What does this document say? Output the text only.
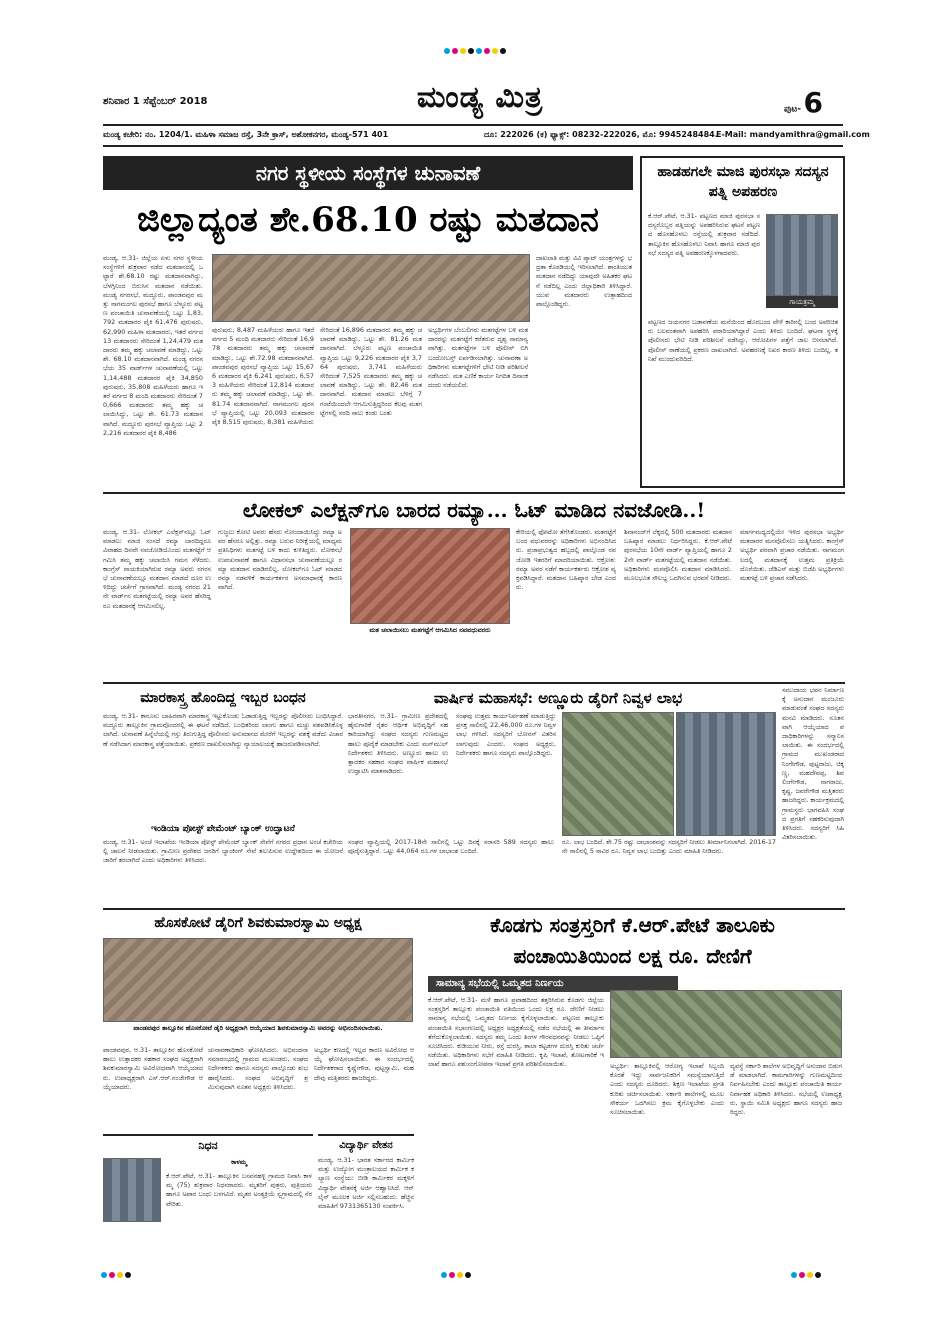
ಶನಿವಾರ 1 ಸೆಪ್ಟೆಂಬರ್ 2018	ಮಂಡ್ಯ ಮಿತ್ರ	ಪುಟ- 6
ಮಂಡ್ಯ ಕಚೇರಿ: ನಂ. 1204/1. ಮಹಿಳಾ ಸಮಾಜ ರಸ್ತೆ, 3ನೇ ಕ್ರಾಸ್, ಅಶೋಕನಗರ, ಮಂಡ್ಯ-571 401	ದೂ: 222026 (ಕ) ಫ್ಯಾಕ್ಸ್: 08232-222026, ಮೊ: 9945248484.
E-Mail: mandyamithra@gmail.com
ನಗರ ಸ್ಥಳೀಯ ಸಂಸ್ಥೆಗಳ ಚುನಾವಣೆ
ಜಿಲ್ಲಾದ್ಯಂತ ಶೇ.68.10 ರಷ್ಟು ಮತದಾನ
ಮಂಡ್ಯ, ಆ.31- ಜಿಲ್ಲೆಯ ಏಳು ನಗರ ಸ್ಥಳೀಯ ಸಂಸ್ಥೆಗಳಿಗೆ ಶುಕ್ರವಾರ ನಡೆದ ಮತದಾನದಲ್ಲಿ ಒಟ್ಟಾರೆ ಶೇ.68.10 ರಷ್ಟು ಮತದಾನವಾಗಿದ್ದು, ಬೆಳಗ್ಗಿನಿಂದ ಬಿರುಸಿನ ಮತದಾನ ನಡೆಯಿತು. ಮಂಡ್ಯ ನಗರಸಭೆ, ಮದ್ದೂರು, ಪಾಂಡವಪುರ ಮತ್ತು ನಾಗಮಂಗಲ ಪುರಸಭೆ ಹಾಗೂ ಬೆಳ್ಳೂರು ಪಟ್ಟಣ ಪಂಚಾಯಿತಿ ಚುನಾವಣೆಯಲ್ಲಿ ಒಟ್ಟು 1,83,792 ಮತದಾರರ ಪೈಕಿ 61,476 ಪುರುಷರು, 62,990 ಮಹಿಳಾ ಮತದಾರರು, ಇತರೆ ವರ್ಗದ 13 ಮತದಾರರು ಸೇರಿದಂತೆ 1,24,479 ಮತದಾರರು ತಮ್ಮ ಹಕ್ಕು ಚಲಾವಣೆ ಮಾಡಿದ್ದು, ಒಟ್ಟು ಶೇ. 68.10 ಮತದಾನವಾಗಿದೆ. ಮಂಡ್ಯ ನಗರಸಭೆಯ 35 ವಾರ್ಡ್‌ಗಳ ಚುನಾವಣೆಯಲ್ಲಿ ಒಟ್ಟು 1,14,488 ಮತದಾರರ ಪೈಕಿ 34,850 ಪುರುಷರು, 35,808 ಮಹಿಳೆಯರು ಹಾಗೂ ಇತರೆ ವರ್ಗದ 8 ಮಂದಿ ಮತದಾರರು ಸೇರಿದಂತೆ 70,666 ಮತದಾರರು ತಮ್ಮ ಹಕ್ಕು ಚಲಾಯಿಸಿದ್ದು, ಒಟ್ಟು ಶೇ. 61.73 ಮತದಾನವಾಗಿದೆ. ಮದ್ದೂರು ಪುರಸಭೆ ವ್ಯಾಪ್ತಿಯ ಒಟ್ಟು 22,216 ಮತದಾರರ ಪೈಕಿ 8,486
ಪುರುಷರು, 8,487 ಮಹಿಳೆಯರು ಹಾಗೂ ಇತರೆ ವರ್ಗದ 5 ಮಂದಿ ಮತದಾರರು ಸೇರಿದಂತೆ 16,978 ಮತದಾರರು ತಮ್ಮ ಹಕ್ಕು ಚಲಾವಣೆ ಮಾಡಿದ್ದು, ಒಟ್ಟು ಶೇ.72.98 ಮತದಾನವಾಗಿದೆ. ಪಾಂಡವಪುರ ಪುರಸಭೆ ವ್ಯಾಪ್ತಿಯ ಒಟ್ಟು 15,676 ಮತದಾರರ ಪೈಕಿ 6,241 ಪುರುಷರು, 6,573 ಮಹಿಳೆಯರು ಸೇರಿದಂತೆ 12,814 ಮತದಾರರು ತಮ್ಮ ಹಕ್ಕು ಚಲಾವಣೆ ಮಾಡಿದ್ದು, ಒಟ್ಟು ಶೇ. 81.74 ಮತದಾನವಾಗಿದೆ. ನಾಗಮಂಗಲ ಪುರಸಭೆ ವ್ಯಾಪ್ತಿಯಲ್ಲಿ ಒಟ್ಟು 20,093 ಮತದಾರರ ಪೈಕಿ 8,515 ಪುರುಷರು, 8,381 ಮಹಿಳೆಯರು
ಸೇರಿದಂತೆ 16,896 ಮತದಾರರು ತಮ್ಮ ಹಕ್ಕು ಚಲಾವಣೆ ಮಾಡಿದ್ದು, ಒಟ್ಟು ಶೇ. 81.26 ಮತದಾನವಾಗಿದೆ. ಬೆಳ್ಳೂರು ಪಟ್ಟಣ ಪಂಚಾಯಿತಿ ವ್ಯಾಪ್ತಿಯ ಒಟ್ಟು 9,226 ಮತದಾರರ ಪೈಕಿ 3,764 ಪುರುಷರು, 3,741 ಮಹಿಳೆಯರು ಸೇರಿದಂತೆ 7,525 ಮತದಾರರು ತಮ್ಮ ಹಕ್ಕು ಚಲಾವಣೆ ಮಾಡಿದ್ದು, ಒಟ್ಟು ಶೇ. 82.46 ಮತದಾನವಾಗಿದೆ. ಮತದಾನ ಮಾಡಲು ಬೆಳಿಗ್ಗೆ 7 ಗಂಟೆಯಿಂದಲೇ ಆಗಮಿಸುತ್ತಿದ್ದರಿಂದ ಕೆಲವು ಮತಗಟ್ಟೆಗಳಲ್ಲಿ ಸರದಿ ಸಾಲು ಕಂಡು ಬಂತು
ಅಭ್ಯರ್ಥಿಗಳ ಬೆಂಬಲಿಗರು ಮತಗಟ್ಟೆಗಳ ಬಳಿ ಮತದಾರರನ್ನು ಮತಗಟ್ಟೆಗೆ ಕರೆತರುವ ದೃಶ್ಯ ಸಾಮಾನ್ಯವಾಗಿತ್ತು. ಮತಗಟ್ಟೆಗಳ ಬಳಿ ಪೊಲೀಸ್ ಬಿಗಿ ಬಂದೋಬಸ್ತ್ ಏರ್ಪಡಿಸಲಾಗಿತ್ತು. ಚುನಾವಣಾ ಅಧಿಕಾರಿಗಳು ಮತಗಟ್ಟೆಗಳಿಗೆ ಭೇಟಿ ನೀಡಿ ಪರಿಶೀಲನೆ ನಡೆಸಿದರು. ಮತ ಎಣಿಕೆ ಕಾರ್ಯ ನಿಗದಿತ ದಿನಾಂಕದಂದು ನಡೆಯಲಿದೆ.
ದಾಖಲಾತಿ ಮತ್ತು ವಿವಿ ಪ್ಯಾಟ್ ಯಂತ್ರಗಳನ್ನು ಭದ್ರತಾ ಕೊಠಡಿಯಲ್ಲಿ ಇರಿಸಲಾಗಿದೆ. ಶಾಂತಿಯುತ ಮತದಾನ ನಡೆದಿದ್ದು ಯಾವುದೇ ಅಹಿತಕರ ಘಟನೆ ನಡೆದಿಲ್ಲ ಎಂದು ಜಿಲ್ಲಾಧಿಕಾರಿ ತಿಳಿಸಿದ್ದಾರೆ. ಯುವ ಮತದಾರರು ಉತ್ಸಾಹದಿಂದ ಪಾಲ್ಗೊಂಡಿದ್ದರು.
ಹಾಡಹಗಲೇ ಮಾಜಿ ಪುರಸಭಾ ಸದಸ್ಯನ ಪತ್ನಿ ಅಪಹರಣ
ಕೆ.ಆರ್.ಪೇಟೆ, ಆ.31- ಪಟ್ಟಣದ ಮಾಜಿ ಪುರಸಭಾ ಸದಸ್ಯರೊಬ್ಬರ ಪತ್ನಿಯನ್ನು ಅಪಹರಿಸಿರುವ ಘಟನೆ ಪಟ್ಟಣದ ಹೊಸಹೊಳಲು ರಸ್ತೆಯಲ್ಲಿ ಶುಕ್ರವಾರ ನಡೆದಿದೆ. ತಾಲ್ಲೂಕಿನ ಹೊಸಹೊಳಲು ನಿವಾಸಿ ಹಾಗೂ ಮಾಜಿ ಪುರಸಭೆ ಸದಸ್ಯರ ಪತ್ನಿ ಅಪಹರಣಕ್ಕೊಳಗಾದವರು.
ಗಾಯತ್ರಮ್ಮ
ಪಟ್ಟಣದ ಜಯನಗರ ಬಡಾವಣೆಯ ಮನೆಯಿಂದ ಹೊರಬಂದ ವೇಳೆ ಕಾರಿನಲ್ಲಿ ಬಂದ ಅಪರಿಚಿತರು ಬಲವಂತವಾಗಿ ಅಪಹರಿಸಿ ಪರಾರಿಯಾಗಿದ್ದಾರೆ ಎಂದು ತಿಳಿದು ಬಂದಿದೆ. ಘಟನಾ ಸ್ಥಳಕ್ಕೆ ಪೊಲೀಸರು ಭೇಟಿ ನೀಡಿ ಪರಿಶೀಲನೆ ನಡೆಸಿದ್ದು, ಆರೋಪಿಗಳ ಪತ್ತೆಗೆ ಜಾಲ ಬೀಸಲಾಗಿದೆ. ಪೊಲೀಸ್ ಠಾಣೆಯಲ್ಲಿ ಪ್ರಕರಣ ದಾಖಲಾಗಿದೆ. ಅಪಹರಣಕ್ಕೆ ನಿಖರ ಕಾರಣ ತಿಳಿದು ಬಂದಿಲ್ಲ. ತನಿಖೆ ಮುಂದುವರಿದಿದೆ.
ಲೋಕಲ್ ಎಲೆಕ್ಷನ್‌ಗೂ ಬಾರದ ರಮ್ಯಾ... ಓಟ್ ಮಾಡಿದ ನವಜೋಡಿ..!
ಮಂಡ್ಯ, ಆ.31- ಲೋಕಲ್ ಎಲೆಕ್ಷನ್‌ನಲ್ಲೂ ಓಟ್ ಮಾಡಲು ಮಾಜಿ ಸಂಸದೆ ರಮ್ಯಾ ಬಾರದಿದ್ದರೂ ವಿವಾಹದ ದಿನವೇ ನವಜೋಡಿಯೊಂದು ಮತಗಟ್ಟೆಗೆ ಆಗಮಿಸಿ ತಮ್ಮ ಹಕ್ಕು ಚಲಾಯಿಸಿ ಗಮನ ಸೆಳೆದರು. ಕಾಂಗ್ರೆಸ್ ನಾಯಕಿಯಾಗಿರುವ ರಮ್ಯಾ ಅವರು ನಗರಸಭೆ ಚುನಾವಣೆಯಲ್ಲೂ ಮತದಾನ ಮಾಡದೆ ದೂರ ಉಳಿದಿದ್ದು ಚರ್ಚೆಗೆ ಗ್ರಾಸವಾಗಿದೆ. ಮಂಡ್ಯ ನಗರದ 21ನೇ ವಾರ್ಡ್‌ನ ಮತಗಟ್ಟೆಯಲ್ಲಿ ರಮ್ಯಾ ಅವರ ಹೆಸರಿದ್ದರೂ ಮತದಾನಕ್ಕೆ ಆಗಮಿಸಲಿಲ್ಲ.
ಗುಜ್ಜಲು ಕೋಟಿ ಅವರು ಹೆಸರು ನೋಂದಾಯಿಸಿದ್ದು ರಮ್ಯಾ ಅವರ ಹೆಸರೂ ಅಲ್ಲಿತ್ತು. ರಮ್ಯಾ ಬರುವ ನಿರೀಕ್ಷೆಯಲ್ಲಿ ಮಾಧ್ಯಮ ಪ್ರತಿನಿಧಿಗಳು ಮತಗಟ್ಟೆ ಬಳಿ ಕಾದು ಕುಳಿತಿದ್ದರು. ಲೋಕಸಭೆ ಉಪಚುನಾವಣೆ ಹಾಗೂ ವಿಧಾನಸಭಾ ಚುನಾವಣೆಯಲ್ಲೂ ರಮ್ಯಾ ಮತದಾನ ಮಾಡಿರಲಿಲ್ಲ. ಲೋಕಲ್‌ಗೂ ಓಟ್ ಮಾಡದ ರಮ್ಯಾ ನಡವಳಿಕೆ ಕಾರ್ಯಕರ್ತರ ಅಸಮಾಧಾನಕ್ಕೆ ಕಾರಣವಾಗಿದೆ.
ಮತ ಚಲಾಯಿಸಲು ಮತಗಟ್ಟೆಗೆ ಆಗಮಿಸಿದ ನವವಧುವರರು
ಕೇರಿಯಲ್ಲಿ ಫೋಟೋ ತೆಗೆಸಿಕೊಂಡರು. ಮತಗಟ್ಟೆಗೆ ಬಂದ ವಧುವರರನ್ನು ಅಧಿಕಾರಿಗಳು ಅಭಿನಂದಿಸಿದರು. ಪ್ರಜಾಪ್ರಭುತ್ವದ ಹಬ್ಬದಲ್ಲಿ ಪಾಲ್ಗೊಂಡ ನವಜೋಡಿ ಇತರರಿಗೆ ಮಾದರಿಯಾಯಿತು. ಆಕ್ರೋಶ: ರಮ್ಯಾ ಅವರ ನಡೆಗೆ ಕಾರ್ಯಕರ್ತರು ಆಕ್ರೋಶ ವ್ಯಕ್ತಪಡಿಸಿದ್ದಾರೆ. ಮತದಾನ ಬಹಿಷ್ಕಾರ ಬೇಡ ಎಂದರು.
ಶಿವಾನಂದ್‌ಗೆ ಲೆಕ್ಕದಲ್ಲಿ 500 ಮತದಾರರು ಮತದಾನ ಬಹಿಷ್ಕಾರ ಮಾಡಲು ನಿರ್ಧರಿಸಿದ್ದರು. ಕೆ.ಆರ್.ಪೇಟೆ ಪುರಸಭೆಯ 10ನೇ ವಾರ್ಡ್ ವ್ಯಾಪ್ತಿಯಲ್ಲಿ ಹಾಗೂ 22ನೇ ವಾರ್ಡ್ ಮತಗಟ್ಟೆಯಲ್ಲಿ ಮತದಾನ ನಡೆಯಿತು. ಅಧಿಕಾರಿಗಳು ಮನವೊಲಿಸಿ ಮತದಾನ ಮಾಡಿಸಿದರು. ಮೂಲಭೂತ ಸೌಲಭ್ಯ ಒದಗಿಸುವ ಭರವಸೆ ನೀಡಿದರು.
ಮಾರ್ಗಮಧ್ಯದಲ್ಲಿಯೇ ಇಳಿದ ಪುರಸಭಾ ಅಭ್ಯರ್ಥಿ ಮತದಾರರ ಮನವೊಲಿಸಲು ಯತ್ನಿಸಿದರು. ಕಾಂಗ್ರೆಸ್ ಅಭ್ಯರ್ಥಿ ಪರವಾಗಿ ಪ್ರಚಾರ ನಡೆಯಿತು. ನಾಗಮಂಗಲದಲ್ಲಿ ಮತದಾನಕ್ಕೆ ಉತ್ತಮ ಪ್ರತಿಕ್ರಿಯೆ ದೊರೆಯಿತು. ಜೆಡಿಎಸ್ ಮತ್ತು ಬಿಜೆಪಿ ಅಭ್ಯರ್ಥಿಗಳು ಮತಗಟ್ಟೆ ಬಳಿ ಪ್ರಚಾರ ನಡೆಸಿದರು.
ಮಾರಕಾಸ್ತ್ರ ಹೊಂದಿದ್ದ ಇಬ್ಬರ ಬಂಧನ
ಮಂಡ್ಯ, ಆ.31- ಕಾನೂನು ಬಾಹಿರವಾಗಿ ಮಾರಕಾಸ್ತ್ರ ಇಟ್ಟುಕೊಂಡು ಓಡಾಡುತ್ತಿದ್ದ ಇಬ್ಬರನ್ನು ಪೊಲೀಸರು ಬಂಧಿಸಿದ್ದಾರೆ. ಮದ್ದೂರು ತಾಲ್ಲೂಕಿನ ಗ್ರಾಮವೊಂದರಲ್ಲಿ ಈ ಘಟನೆ ನಡೆದಿದೆ. ಬಂಧಿತರಿಂದ ಲಾಂಗು ಹಾಗೂ ಮಚ್ಚು ವಶಪಡಿಸಿಕೊಳ್ಳಲಾಗಿದೆ. ಚುನಾವಣೆ ಹಿನ್ನೆಲೆಯಲ್ಲಿ ಗಸ್ತು ತಿರುಗುತ್ತಿದ್ದ ಪೊಲೀಸರು ಅನುಮಾನದ ಮೇರೆಗೆ ಇಬ್ಬರನ್ನು ವಶಕ್ಕೆ ಪಡೆದು ವಿಚಾರಣೆ ನಡೆಸಿದಾಗ ಮಾರಕಾಸ್ತ್ರ ಪತ್ತೆಯಾಯಿತು. ಪ್ರಕರಣ ದಾಖಲಿಸಲಾಗಿದ್ದು ನ್ಯಾಯಾಲಯಕ್ಕೆ ಹಾಜರುಪಡಿಸಲಾಗಿದೆ.
ಇಂಡಿಯಾ ಪೋಸ್ಟ್ ಪೇಮೆಂಟ್ ಬ್ಯಾಂಕ್ ಉದ್ಘಾಟನೆ
ಮಂಡ್ಯ, ಆ.31- ಅಂಚೆ ಇಲಾಖೆಯ ಇಂಡಿಯಾ ಪೋಸ್ಟ್ ಪೇಮೆಂಟ್ ಬ್ಯಾಂಕ್ ಸೇವೆಗೆ ನಗರದ ಪ್ರಧಾನ ಅಂಚೆ ಕಚೇರಿಯಲ್ಲಿ ಚಾಲನೆ ನೀಡಲಾಯಿತು. ಗ್ರಾಮೀಣ ಪ್ರದೇಶದ ಜನರಿಗೆ ಬ್ಯಾಂಕಿಂಗ್ ಸೇವೆ ತಲುಪಿಸುವ ಉದ್ದೇಶದಿಂದ ಈ ಯೋಜನೆ ಜಾರಿಗೆ ತರಲಾಗಿದೆ ಎಂದು ಅಧಿಕಾರಿಗಳು ತಿಳಿಸಿದರು.
ವಾರ್ಷಿಕ ಮಹಾಸಭೆ: ಅಣ್ಣೂರು ಡೈರಿಗೆ ನಿವ್ವಳ ಲಾಭ
ಭಾರತೀನಗರ, ಆ.31- ಗ್ರಾಮೀಣ ಪ್ರದೇಶದಲ್ಲಿ ಹೈನುಗಾರಿಕೆ ರೈತರ ಆರ್ಥಿಕ ಅಭಿವೃದ್ಧಿಗೆ ಸಹಕಾರಿಯಾಗಿದ್ದು ಸಂಘದ ಸದಸ್ಯರು ಗುಣಮಟ್ಟದ ಹಾಲು ಪೂರೈಕೆ ಮಾಡಬೇಕು ಎಂದು ಮನ್‌ಮುಲ್ ನಿರ್ದೇಶಕರು ತಿಳಿಸಿದರು. ಅಣ್ಣೂರು ಹಾಲು ಉತ್ಪಾದಕರ ಸಹಕಾರ ಸಂಘದ ವಾರ್ಷಿಕ ಮಹಾಸಭೆ ಉದ್ಘಾಟಿಸಿ ಮಾತನಾಡಿದರು.
ಸಂಘವು ಉತ್ತಮ ಕಾರ್ಯನಿರ್ವಹಣೆ ಮಾಡುತ್ತಿದ್ದು ಪ್ರಸಕ್ತ ಸಾಲಿನಲ್ಲಿ 22,46,000 ರೂ.ಗಳ ನಿವ್ವಳ ಲಾಭ ಗಳಿಸಿದೆ. ಸದಸ್ಯರಿಗೆ ಬೋನಸ್ ವಿತರಿಸಲಾಗುವುದು ಎಂದರು. ಸಂಘದ ಅಧ್ಯಕ್ಷರು, ನಿರ್ದೇಶಕರು ಹಾಗೂ ಸದಸ್ಯರು ಪಾಲ್ಗೊಂಡಿದ್ದರು.
ಸಂಘದ ವ್ಯಾಪ್ತಿಯಲ್ಲಿ 2017-18ನೇ ಸಾಲಿನಲ್ಲಿ ಒಟ್ಟು ದಿನಕ್ಕೆ ಸರಾಸರಿ 589 ಸದಸ್ಯರು ಹಾಲು ಪೂರೈಸುತ್ತಿದ್ದಾರೆ. ಒಟ್ಟು 44,064 ರೂ.ಗಳ ಲಾಭಾಂಶ ಬಂದಿದೆ.
ರೂ. ಲಾಭ ಬಂದಿದೆ. ಶೇ.75 ರಷ್ಟು ಲಾಭಾಂಶವನ್ನು ಸದಸ್ಯರಿಗೆ ನೀಡಲು ತೀರ್ಮಾನಿಸಲಾಗಿದೆ. 2016-17 ನೇ ಸಾಲಿನಲ್ಲಿ 5 ಸಾವಿರ ರೂ. ನಿವ್ವಳ ಲಾಭ ಬಂದಿತ್ತು ಎಂದು ಮಾಹಿತಿ ನೀಡಿದರು.
ಸಮುದಾಯ ಭವನ ನಿರ್ಮಾಣಕ್ಕೆ ಅನುದಾನ ಮಂಜೂರು ಮಾಡುವಂತೆ ಸಂಘದ ಸದಸ್ಯರು ಮನವಿ ಮಾಡಿದರು. ನೂತನವಾಗಿ ಆಯ್ಕೆಯಾದ ಪದಾಧಿಕಾರಿಗಳನ್ನು ಸನ್ಮಾನಿಸಲಾಯಿತು. ಈ ಸಂದರ್ಭದಲ್ಲಿ ಗ್ರಾಮದ ಮುಖಂಡರಾದ ನಿಂಗೇಗೌಡ, ಪುಟ್ಟರಾಜು, ಚಿಕ್ಕಣ್ಣ, ಮಹದೇವಪ್ಪ, ಶಿವಲಿಂಗೇಗೌಡ, ನಾಗರಾಜು, ಕೃಷ್ಣ, ಜವರೇಗೌಡ ಮತ್ತಿತರರು ಹಾಜರಿದ್ದರು. ಕಾರ್ಯಕ್ರಮದಲ್ಲಿ ಗ್ರಾಮಸ್ಥರು ಭಾಗವಹಿಸಿ ಸಂಘದ ಪ್ರಗತಿಗೆ ಸಹಕರಿಸುವುದಾಗಿ ತಿಳಿಸಿದರು. ಸದಸ್ಯರಿಗೆ ಸಿಹಿ ವಿತರಿಸಲಾಯಿತು.
ಹೊಸಕೋಟೆ ಡೈರಿಗೆ ಶಿವಕುಮಾರಸ್ವಾಮಿ ಅಧ್ಯಕ್ಷ
ಪಾಂಡವಪುರ ತಾಲ್ಲೂಕಿನ ಹೊಸಕೋಟೆ ಡೈರಿ ಅಧ್ಯಕ್ಷರಾಗಿ ಆಯ್ಕೆಯಾದ ಶಿವಕುಮಾರಸ್ವಾಮಿ ಅವರನ್ನು ಅಭಿನಂದಿಸಲಾಯಿತು.
ಪಾಂಡವಪುರ, ಆ.31- ತಾಲ್ಲೂಕಿನ ಹೊಸಕೋಟೆ ಹಾಲು ಉತ್ಪಾದಕರ ಸಹಕಾರ ಸಂಘದ ಅಧ್ಯಕ್ಷರಾಗಿ ಶಿವಕುಮಾರಸ್ವಾಮಿ ಅವಿರೋಧವಾಗಿ ಆಯ್ಕೆಯಾದರು. ಉಪಾಧ್ಯಕ್ಷರಾಗಿ ಎಸ್.ಆರ್.ನಂಜೇಗೌಡ ಆಯ್ಕೆಯಾದರು.
ಚುನಾವಣಾಧಿಕಾರಿ ಘೋಷಿಸಿದರು. ಅಭಿನಂದನಾ ಸಮಾರಂಭದಲ್ಲಿ ಗ್ರಾಮದ ಮುಖಂಡರು, ಸಂಘದ ನಿರ್ದೇಶಕರು ಹಾಗೂ ಸದಸ್ಯರು ಪಾಲ್ಗೊಂಡು ಶುಭ ಹಾರೈಸಿದರು. ಸಂಘದ ಅಭಿವೃದ್ಧಿಗೆ ಶ್ರಮಿಸುವುದಾಗಿ ನೂತನ ಅಧ್ಯಕ್ಷರು ತಿಳಿಸಿದರು.
ಅಭ್ಯರ್ಥಿ ಕಣದಲ್ಲಿ ಇಲ್ಲದ ಕಾರಣ ಅವಿರೋಧ ಆಯ್ಕೆ ಘೋಷಿಸಲಾಯಿತು. ಈ ಸಂದರ್ಭದಲ್ಲಿ ನಿರ್ದೇಶಕರಾದ ಕೃಷ್ಣೇಗೌಡ, ಪುಟ್ಟಸ್ವಾಮಿ, ಮಹದೇವು ಮತ್ತಿತರರು ಹಾಜರಿದ್ದರು.
ನಿಧನ
ಕಾಳಮ್ಮ
ಕೆ.ಆರ್.ಪೇಟೆ, ಆ.31- ತಾಲ್ಲೂಕಿನ ಬಸವನಹಳ್ಳಿ ಗ್ರಾಮದ ನಿವಾಸಿ ಕಾಳಮ್ಮ (75) ಶುಕ್ರವಾರ ನಿಧನರಾದರು. ಮೃತರಿಗೆ ಪುತ್ರರು, ಪುತ್ರಿಯರು ಹಾಗೂ ಅಪಾರ ಬಂಧು ಬಳಗವಿದೆ. ಮೃತರ ಅಂತ್ಯಕ್ರಿಯೆ ಸ್ವಗ್ರಾಮದಲ್ಲಿ ನೆರವೇರಿತು.
ವಿದ್ಯಾರ್ಥಿ ವೇತನ
ಮಂಡ್ಯ, ಆ.31- ಭಾರತ ಸರ್ಕಾರದ ಕಾರ್ಮಿಕ ಮತ್ತು ಉದ್ಯೋಗ ಮಂತ್ರಾಲಯದ ಕಾರ್ಮಿಕ ಕಲ್ಯಾಣ ಸಂಸ್ಥೆಯು ಬೀಡಿ ಕಾರ್ಮಿಕರ ಮಕ್ಕಳಿಗೆ ವಿದ್ಯಾರ್ಥಿ ವೇತನಕ್ಕೆ ಅರ್ಜಿ ಆಹ್ವಾನಿಸಿದೆ. ಆನ್ ಲೈನ್ ಮೂಲಕ ಅರ್ಜಿ ಸಲ್ಲಿಸಬಹುದು. ಹೆಚ್ಚಿನ ಮಾಹಿತಿಗೆ 9731365130 ಸಂಪರ್ಕಿಸಿ.
ಕೊಡಗು ಸಂತ್ರಸ್ತರಿಗೆ ಕೆ.ಆರ್.ಪೇಟೆ ತಾಲೂಕು
ಪಂಚಾಯಿತಿಯಿಂದ ಲಕ್ಷ ರೂ. ದೇಣಿಗೆ
ಸಾಮಾನ್ಯ ಸಭೆಯಲ್ಲಿ ಒಮ್ಮತದ ನಿರ್ಣಯ
ಕೆ.ಆರ್.ಪೇಟೆ, ಆ.31- ಮಳೆ ಹಾಗೂ ಪ್ರವಾಹದಿಂದ ತತ್ತರಿಸಿರುವ ಕೊಡಗು ಜಿಲ್ಲೆಯ ಸಂತ್ರಸ್ತರಿಗೆ ತಾಲ್ಲೂಕು ಪಂಚಾಯಿತಿ ವತಿಯಿಂದ ಒಂದು ಲಕ್ಷ ರೂ. ದೇಣಿಗೆ ನೀಡಲು ಸಾಮಾನ್ಯ ಸಭೆಯಲ್ಲಿ ಒಮ್ಮತದ ನಿರ್ಣಯ ಕೈಗೊಳ್ಳಲಾಯಿತು. ಪಟ್ಟಣದ ತಾಲ್ಲೂಕು ಪಂಚಾಯಿತಿ ಸಭಾಂಗಣದಲ್ಲಿ ಅಧ್ಯಕ್ಷರ ಅಧ್ಯಕ್ಷತೆಯಲ್ಲಿ ನಡೆದ ಸಭೆಯಲ್ಲಿ ಈ ತೀರ್ಮಾನ ತೆಗೆದುಕೊಳ್ಳಲಾಯಿತು. ಸದಸ್ಯರು ತಮ್ಮ ಒಂದು ತಿಂಗಳ ಗೌರವಧನವನ್ನು ನೀಡಲು ಒಪ್ಪಿಗೆ ಸೂಚಿಸಿದರು. ಕುಡಿಯುವ ನೀರು, ರಸ್ತೆ ದುರಸ್ತಿ, ಶಾಲಾ ಕಟ್ಟಡಗಳ ದುರಸ್ತಿ ಕುರಿತು ಚರ್ಚೆ ನಡೆಯಿತು. ಅಧಿಕಾರಿಗಳು ಸಭೆಗೆ ಮಾಹಿತಿ ನೀಡಿದರು. ಕೃಷಿ ಇಲಾಖೆ, ತೋಟಗಾರಿಕೆ ಇಲಾಖೆ ಹಾಗೂ ಪಶುಸಂಗೋಪನಾ ಇಲಾಖೆ ಪ್ರಗತಿ ಪರಿಶೀಲಿಸಲಾಯಿತು.	ಅಭ್ಯರ್ಥಿ: ತಾಲ್ಲೂಕಿನಲ್ಲಿ ಆರೋಗ್ಯ ಇಲಾಖೆ ಸಿಬ್ಬಂದಿ ಕೊರತೆ ಇದ್ದು ಸಾರ್ವಜನಿಕರಿಗೆ ಸಮಸ್ಯೆಯಾಗುತ್ತಿದೆ ಎಂದು ಸದಸ್ಯರು ದೂರಿದರು. ಶಿಕ್ಷಣ ಇಲಾಖೆಯ ಪ್ರಗತಿ ಕುರಿತು ಚರ್ಚಿಸಲಾಯಿತು. ಸರ್ಕಾರಿ ಶಾಲೆಗಳಲ್ಲಿ ಮೂಲಸೌಕರ್ಯ ಒದಗಿಸಲು ಕ್ರಮ ಕೈಗೊಳ್ಳಬೇಕು ಎಂದು ಸೂಚಿಸಲಾಯಿತು.
ವ್ಯವಸ್ಥೆ ಸರ್ಕಾರಿ ಶಾಲೆಗಳ ಅಭಿವೃದ್ಧಿಗೆ ಅನುದಾನ ಬಿಡುಗಡೆ ಮಾಡಲಾಗಿದೆ. ಕಾಮಗಾರಿಗಳನ್ನು ಗುಣಮಟ್ಟದಿಂದ ನಿರ್ವಹಿಸಬೇಕು ಎಂದು ತಾಲ್ಲೂಕು ಪಂಚಾಯಿತಿ ಕಾರ್ಯನಿರ್ವಾಹಕ ಅಧಿಕಾರಿ ತಿಳಿಸಿದರು. ಸಭೆಯಲ್ಲಿ ಉಪಾಧ್ಯಕ್ಷರು, ಸ್ಥಾಯಿ ಸಮಿತಿ ಅಧ್ಯಕ್ಷರು ಹಾಗೂ ಸದಸ್ಯರು ಹಾಜರಿದ್ದರು.
